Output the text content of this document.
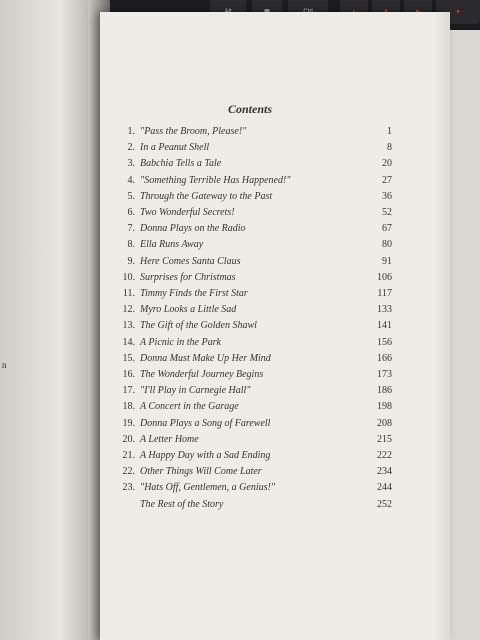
●
n
Contents
1. "Pass the Broom, Please!"	1
2. In a Peanut Shell	8
3. Babchia Tells a Tale	20
4. "Something Terrible Has Happened!"	27
5. Through the Gateway to the Past	36
6. Two Wonderful Secrets!	52
7. Donna Plays on the Radio	67
8. Ella Runs Away	80
9. Here Comes Santa Claus	91
10. Surprises for Christmas	106
11. Timmy Finds the First Star	117
12. Myro Looks a Little Sad	133
13. The Gift of the Golden Shawl	141
14. A Picnic in the Park	156
15. Donna Must Make Up Her Mind	166
16. The Wonderful Journey Begins	173
17. "I'll Play in Carnegie Hall"	186
18. A Concert in the Garage	198
19. Donna Plays a Song of Farewell	208
20. A Letter Home	215
21. A Happy Day with a Sad Ending	222
22. Other Things Will Come Later	234
23. "Hats Off, Gentlemen, a Genius!"	244
The Rest of the Story	252
